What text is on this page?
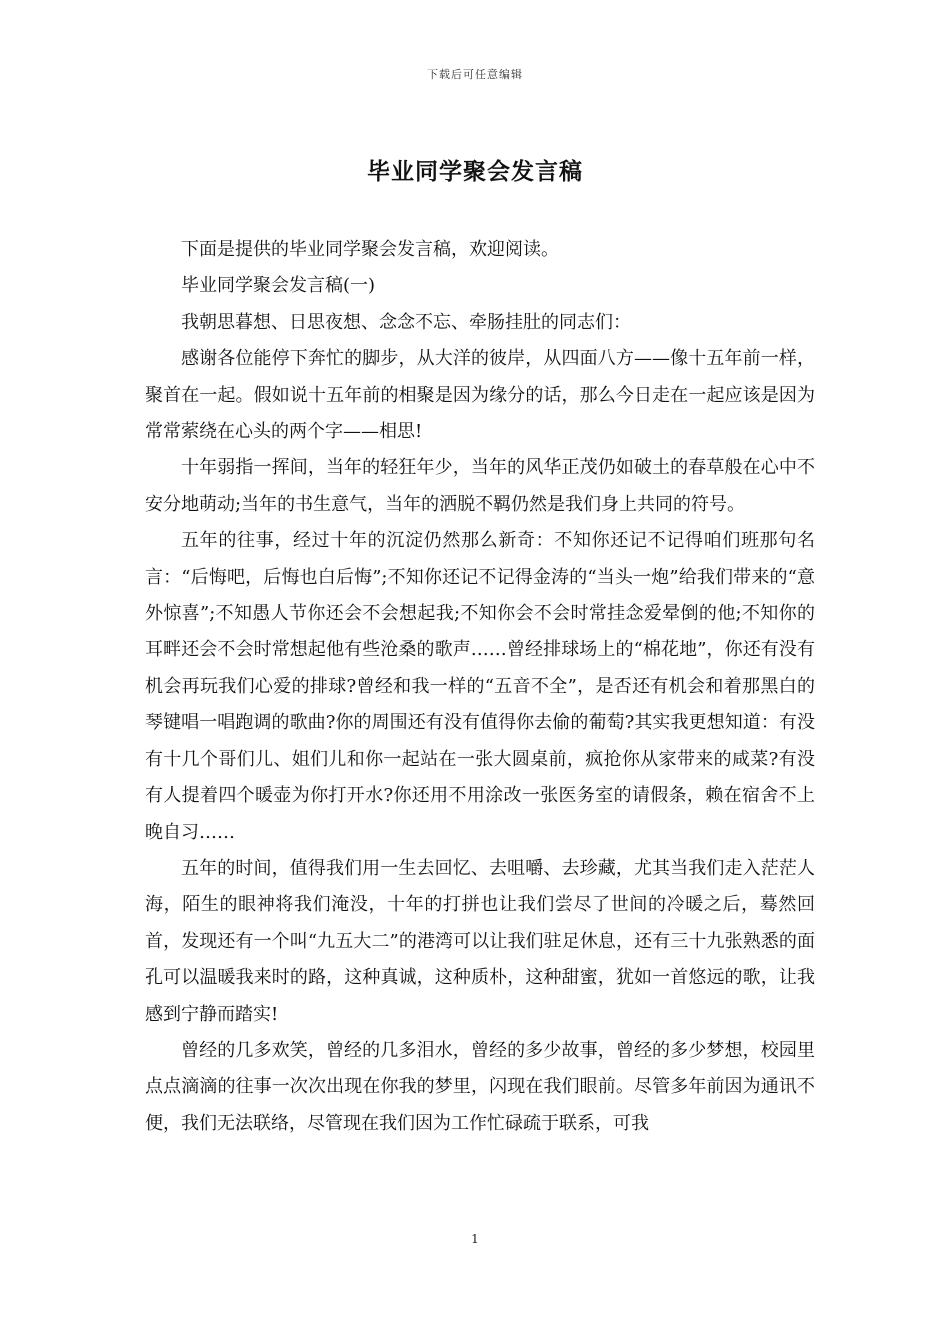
下载后可任意编辑
毕业同学聚会发言稿

下面是提供的毕业同学聚会发言稿，欢迎阅读。

毕业同学聚会发言稿(一)

我朝思暮想、日思夜想、念念不忘、牵肠挂肚的同志们：

感谢各位能停下奔忙的脚步，从大洋的彼岸，从四面八方——像十五年前一样，聚首在一起。假如说十五年前的相聚是因为缘分的话，那么今日走在一起应该是因为常常萦绕在心头的两个字——相思!

十年弱指一挥间，当年的轻狂年少，当年的风华正茂仍如破土的春草般在心中不安分地萌动;当年的书生意气，当年的洒脱不羁仍然是我们身上共同的符号。

五年的往事，经过十年的沉淀仍然那么新奇：不知你还记不记得咱们班那句名言：“后悔吧，后悔也白后悔”;不知你还记不记得金涛的“当头一炮”给我们带来的“意外惊喜”;不知愚人节你还会不会想起我;不知你会不会时常挂念爱晕倒的他;不知你的耳畔还会不会时常想起他有些沧桑的歌声……曾经排球场上的“棉花地”，你还有没有机会再玩我们心爱的排球?曾经和我一样的“五音不全”，是否还有机会和着那黑白的琴键唱一唱跑调的歌曲?你的周围还有没有值得你去偷的葡萄?其实我更想知道：有没有十几个哥们儿、姐们儿和你一起站在一张大圆桌前，疯抢你从家带来的咸菜?有没有人提着四个暖壶为你打开水?你还用不用涂改一张医务室的请假条，赖在宿舍不上晚自习……

五年的时间，值得我们用一生去回忆、去咀嚼、去珍藏，尤其当我们走入茫茫人海，陌生的眼神将我们淹没，十年的打拼也让我们尝尽了世间的冷暖之后，蓦然回首，发现还有一个叫“九五大二”的港湾可以让我们驻足休息，还有三十九张熟悉的面孔可以温暖我来时的路，这种真诚，这种质朴，这种甜蜜，犹如一首悠远的歌，让我感到宁静而踏实!

曾经的几多欢笑，曾经的几多泪水，曾经的多少故事，曾经的多少梦想，校园里点点滴滴的往事一次次出现在你我的梦里，闪现在我们眼前。尽管多年前因为通讯不便，我们无法联络，尽管现在我们因为工作忙碌疏于联系，可我

1
